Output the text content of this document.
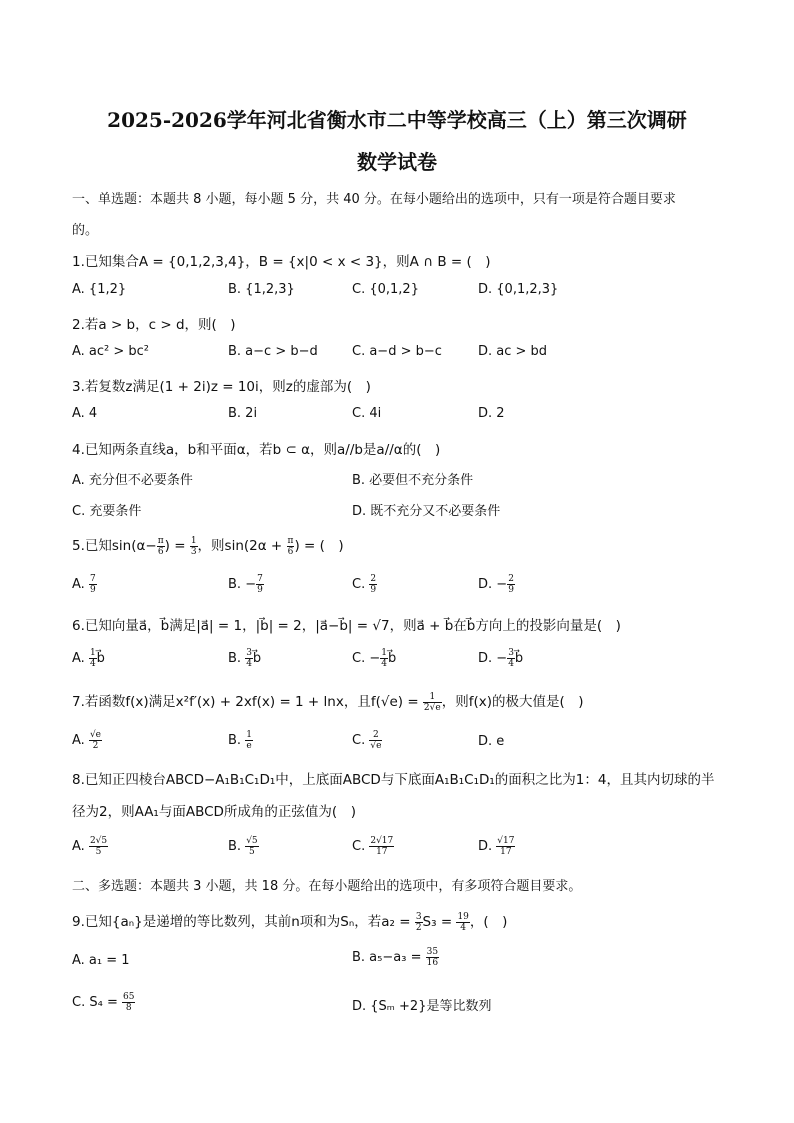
2025-2026学年河北省衡水市二中等学校高三（上）第三次调研
数学试卷
一、单选题：本题共 8 小题，每小题 5 分，共 40 分。在每小题给出的选项中，只有一项是符合题目要求
的。
1.已知集合A = {0,1,2,3,4}，B = {x|0 < x < 3}，则A ∩ B = (　)
A. {1,2}	B. {1,2,3}	C. {0,1,2}	D. {0,1,2,3}
2.若a > b，c > d，则(　)
A. ac² > bc²	B. a−c > b−d	C. a−d > b−c	D. ac > bd
3.若复数z满足(1 + 2i)z = 10i，则z的虚部为(　)
A. 4	B. 2i	C. 4i	D. 2
4.已知两条直线a，b和平面α，若b ⊂ α，则a//b是a//α的(　)
A. 充分但不必要条件	B. 必要但不充分条件
C. 充要条件	D. 既不充分又不必要条件
5.已知$\sin(\alpha- \frac{\pi}{6}$ ) = $\frac{1}{3}$ ，则$\sin(2\alpha + \frac{\pi}{6}$ ) = (　)
A. $\frac{7}{9}$	B. − $\frac{7}{9}$	C. $\frac{2}{9}$	D. − $\frac{2}{9}$
6.已知向量a⃗，b⃗满足|a⃗| = 1，|b⃗| = 2，|a⃗−b⃗| = √7，则a⃗ + b⃗在b⃗方向上的投影向量是(　)
A. $\frac{1}{4}$ b⃗	B. $\frac{3}{4}$ b⃗	C. − $\frac{1}{4}$ b⃗	D. − $\frac{3}{4}$ b⃗
7.若函数f(x)满足x²f′(x) + 2xf(x) = 1 + lnx，且$f(√e) = \frac{1}{2√e}$ ，则f(x)的极大值是(　)
A. $\frac{√e}{2}$	B. $\frac{1}{e}$	C. $\frac{2}{√e}$	D. e
8.已知正四棱台ABCD−A₁B₁C₁D₁中，上底面ABCD与下底面A₁B₁C₁D₁的面积之比为1：4，且其内切球的半
径为2，则AA₁与面ABCD所成角的正弦值为(　)
A. $\frac{2√5}{5}$	B. $\frac{√5}{5}$	C. $\frac{2√17}{17}$	D. $\frac{√17}{17}$
二、多选题：本题共 3 小题，共 18 分。在每小题给出的选项中，有多项符合题目要求。
9.已知{aₙ}是递增的等比数列，其前n项和为Sₙ，若$a_2 = \frac{3}{2} S_3 = \frac{19}{4}$ ，(　)
A. a₁ = 1	B. $a_5-a_3 = \frac{35}{16}$
C. $S_4 = \frac{65}{8}$	D. {Sₘ +2}是等比数列
